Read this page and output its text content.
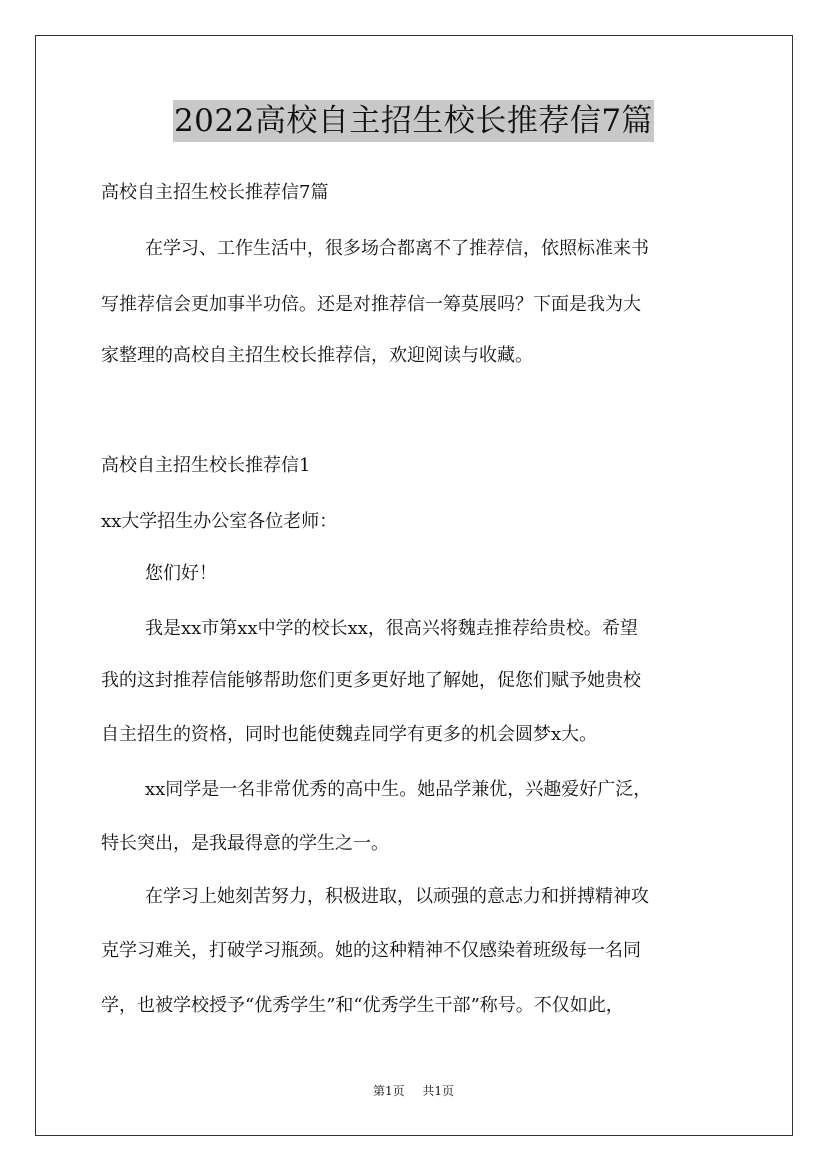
2022高校自主招生校长推荐信7篇
高校自主招生校长推荐信7篇
在学习、工作生活中，很多场合都离不了推荐信，依照标准来书
写推荐信会更加事半功倍。还是对推荐信一筹莫展吗？下面是我为大
家整理的高校自主招生校长推荐信，欢迎阅读与收藏。
高校自主招生校长推荐信1
xx大学招生办公室各位老师：
您们好！
我是xx市第xx中学的校长xx，很高兴将魏垚推荐给贵校。希望
我的这封推荐信能够帮助您们更多更好地了解她，促您们赋予她贵校
自主招生的资格，同时也能使魏垚同学有更多的机会圆梦x大。
xx同学是一名非常优秀的高中生。她品学兼优，兴趣爱好广泛，
特长突出，是我最得意的学生之一。
在学习上她刻苦努力，积极进取，以顽强的意志力和拼搏精神攻
克学习难关，打破学习瓶颈。她的这种精神不仅感染着班级每一名同
学，也被学校授予“优秀学生”和“优秀学生干部”称号。不仅如此，
第1页 共1页
